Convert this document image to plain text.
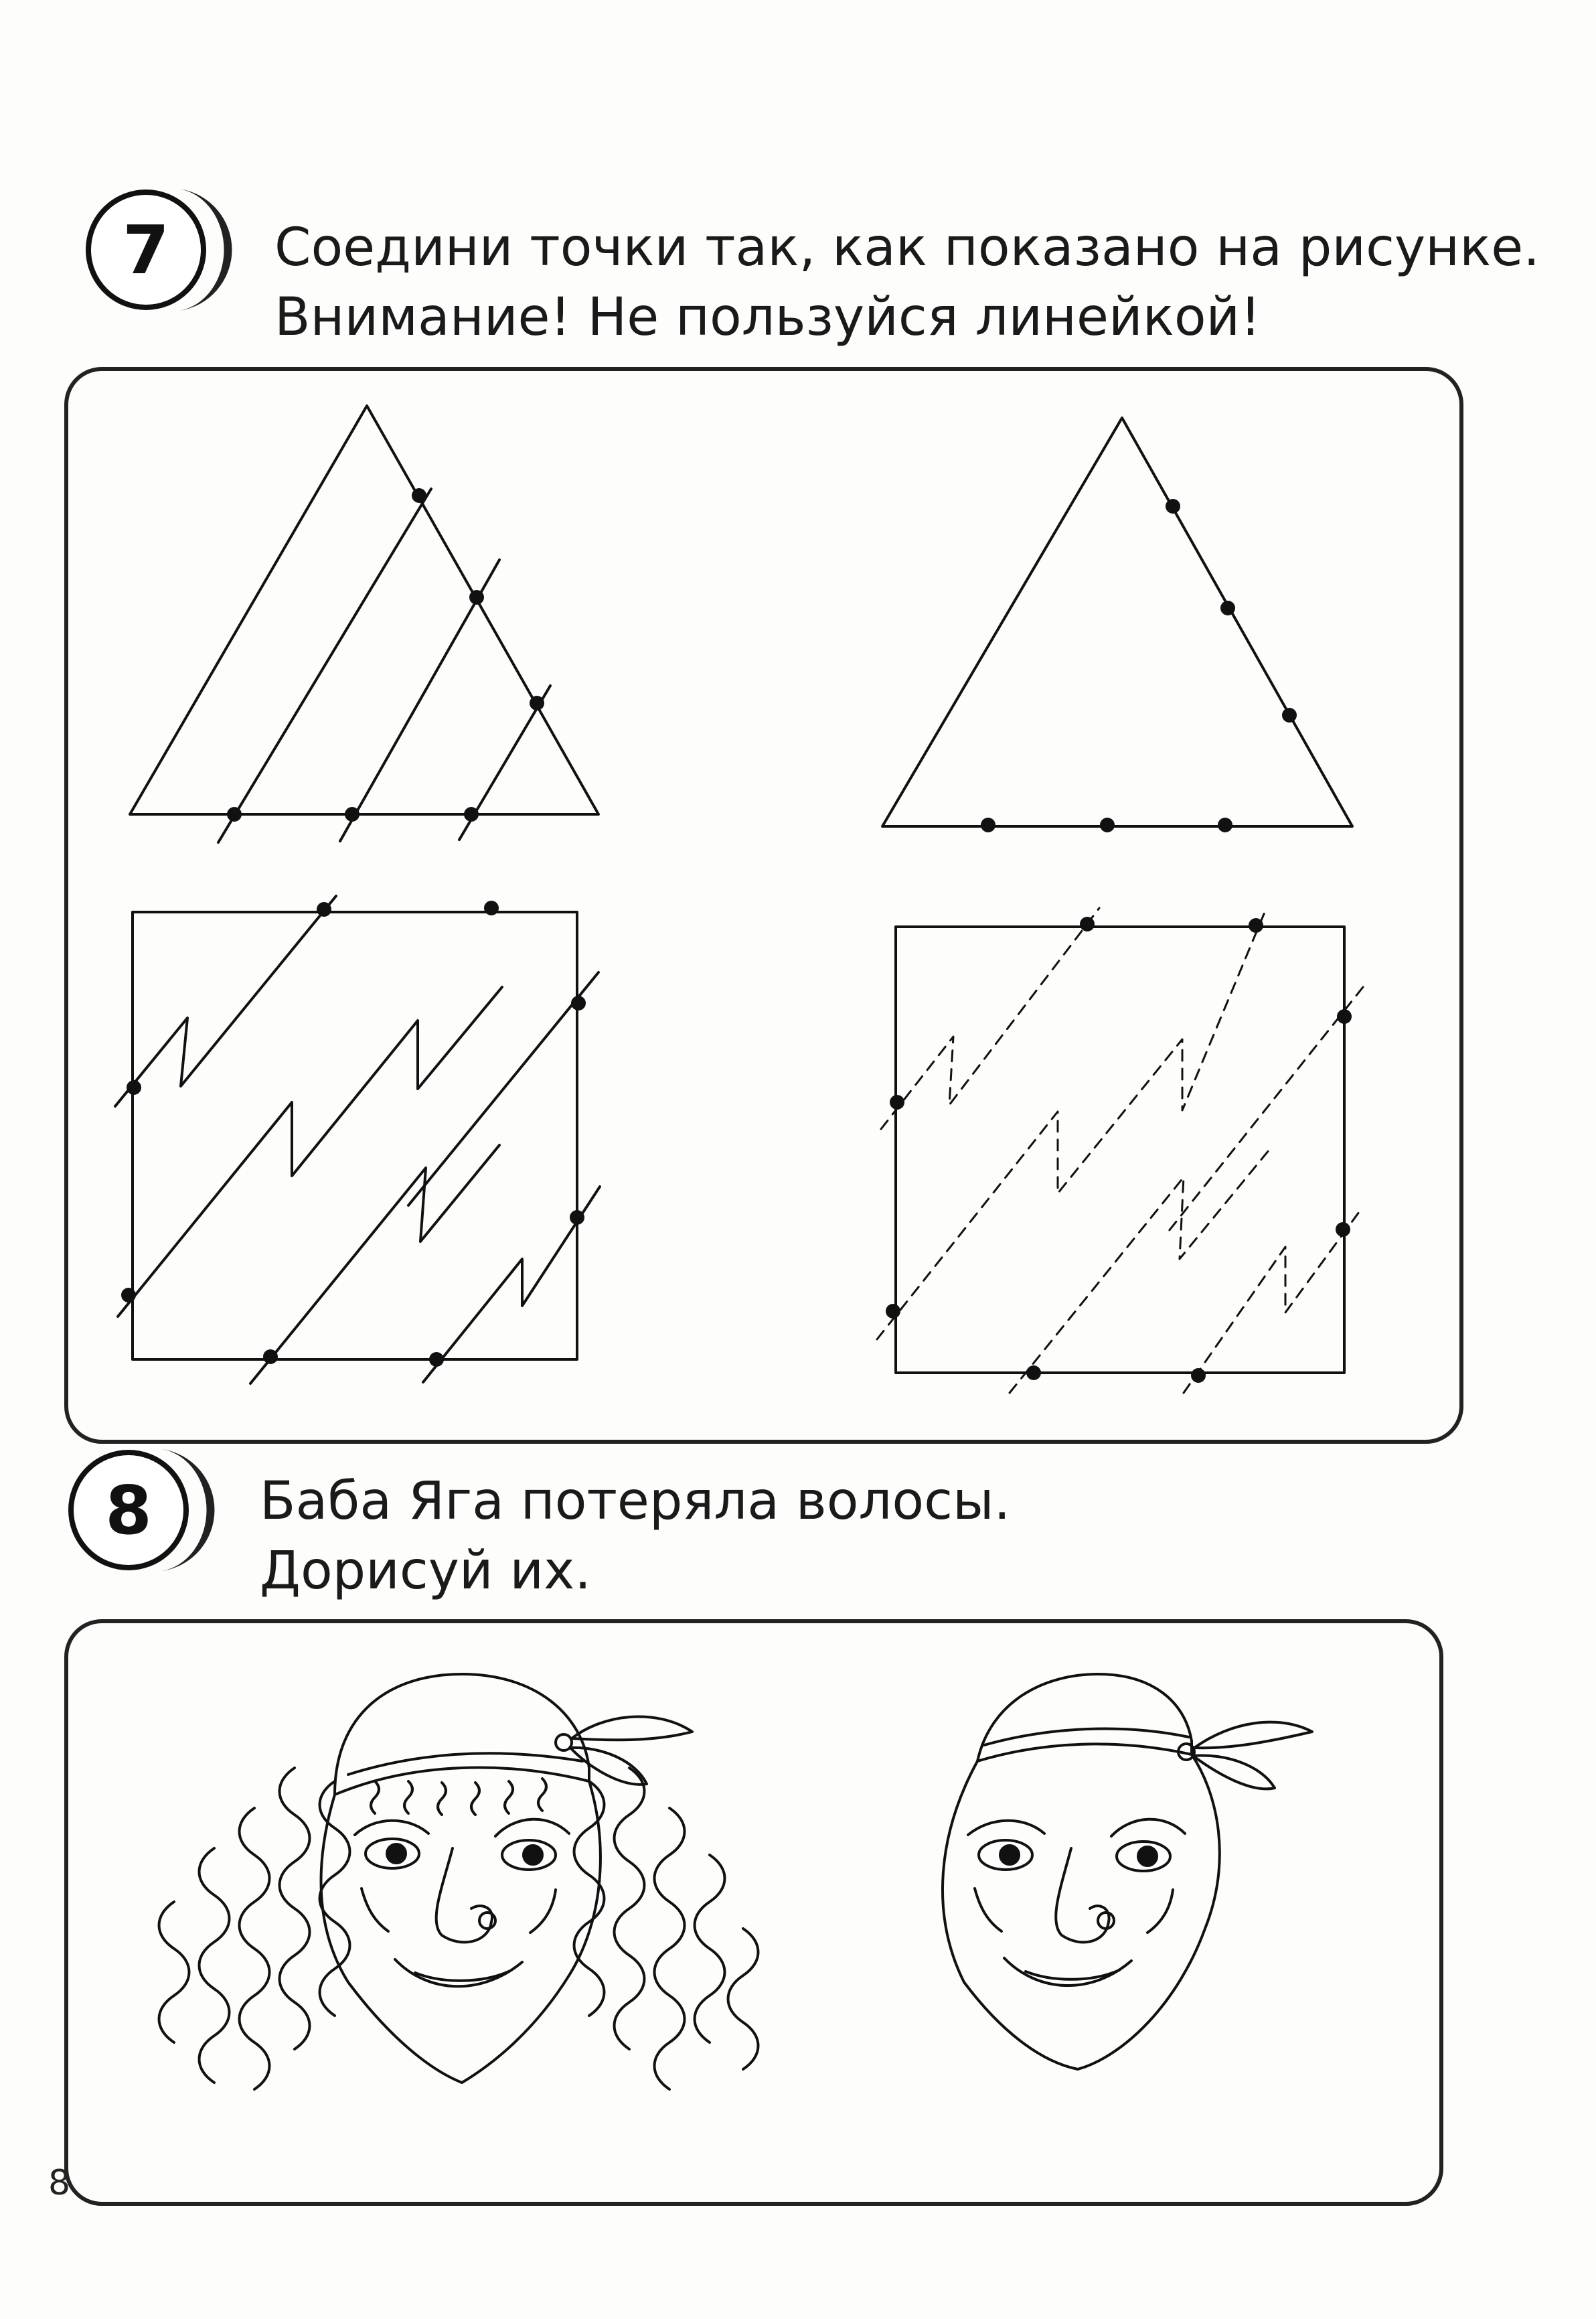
7 Соедини точки так, как показано на рисунке.
Внимание! Не пользуйся линейкой!
8 Баба Яга потеряла волосы.
Дорисуй их.
8
